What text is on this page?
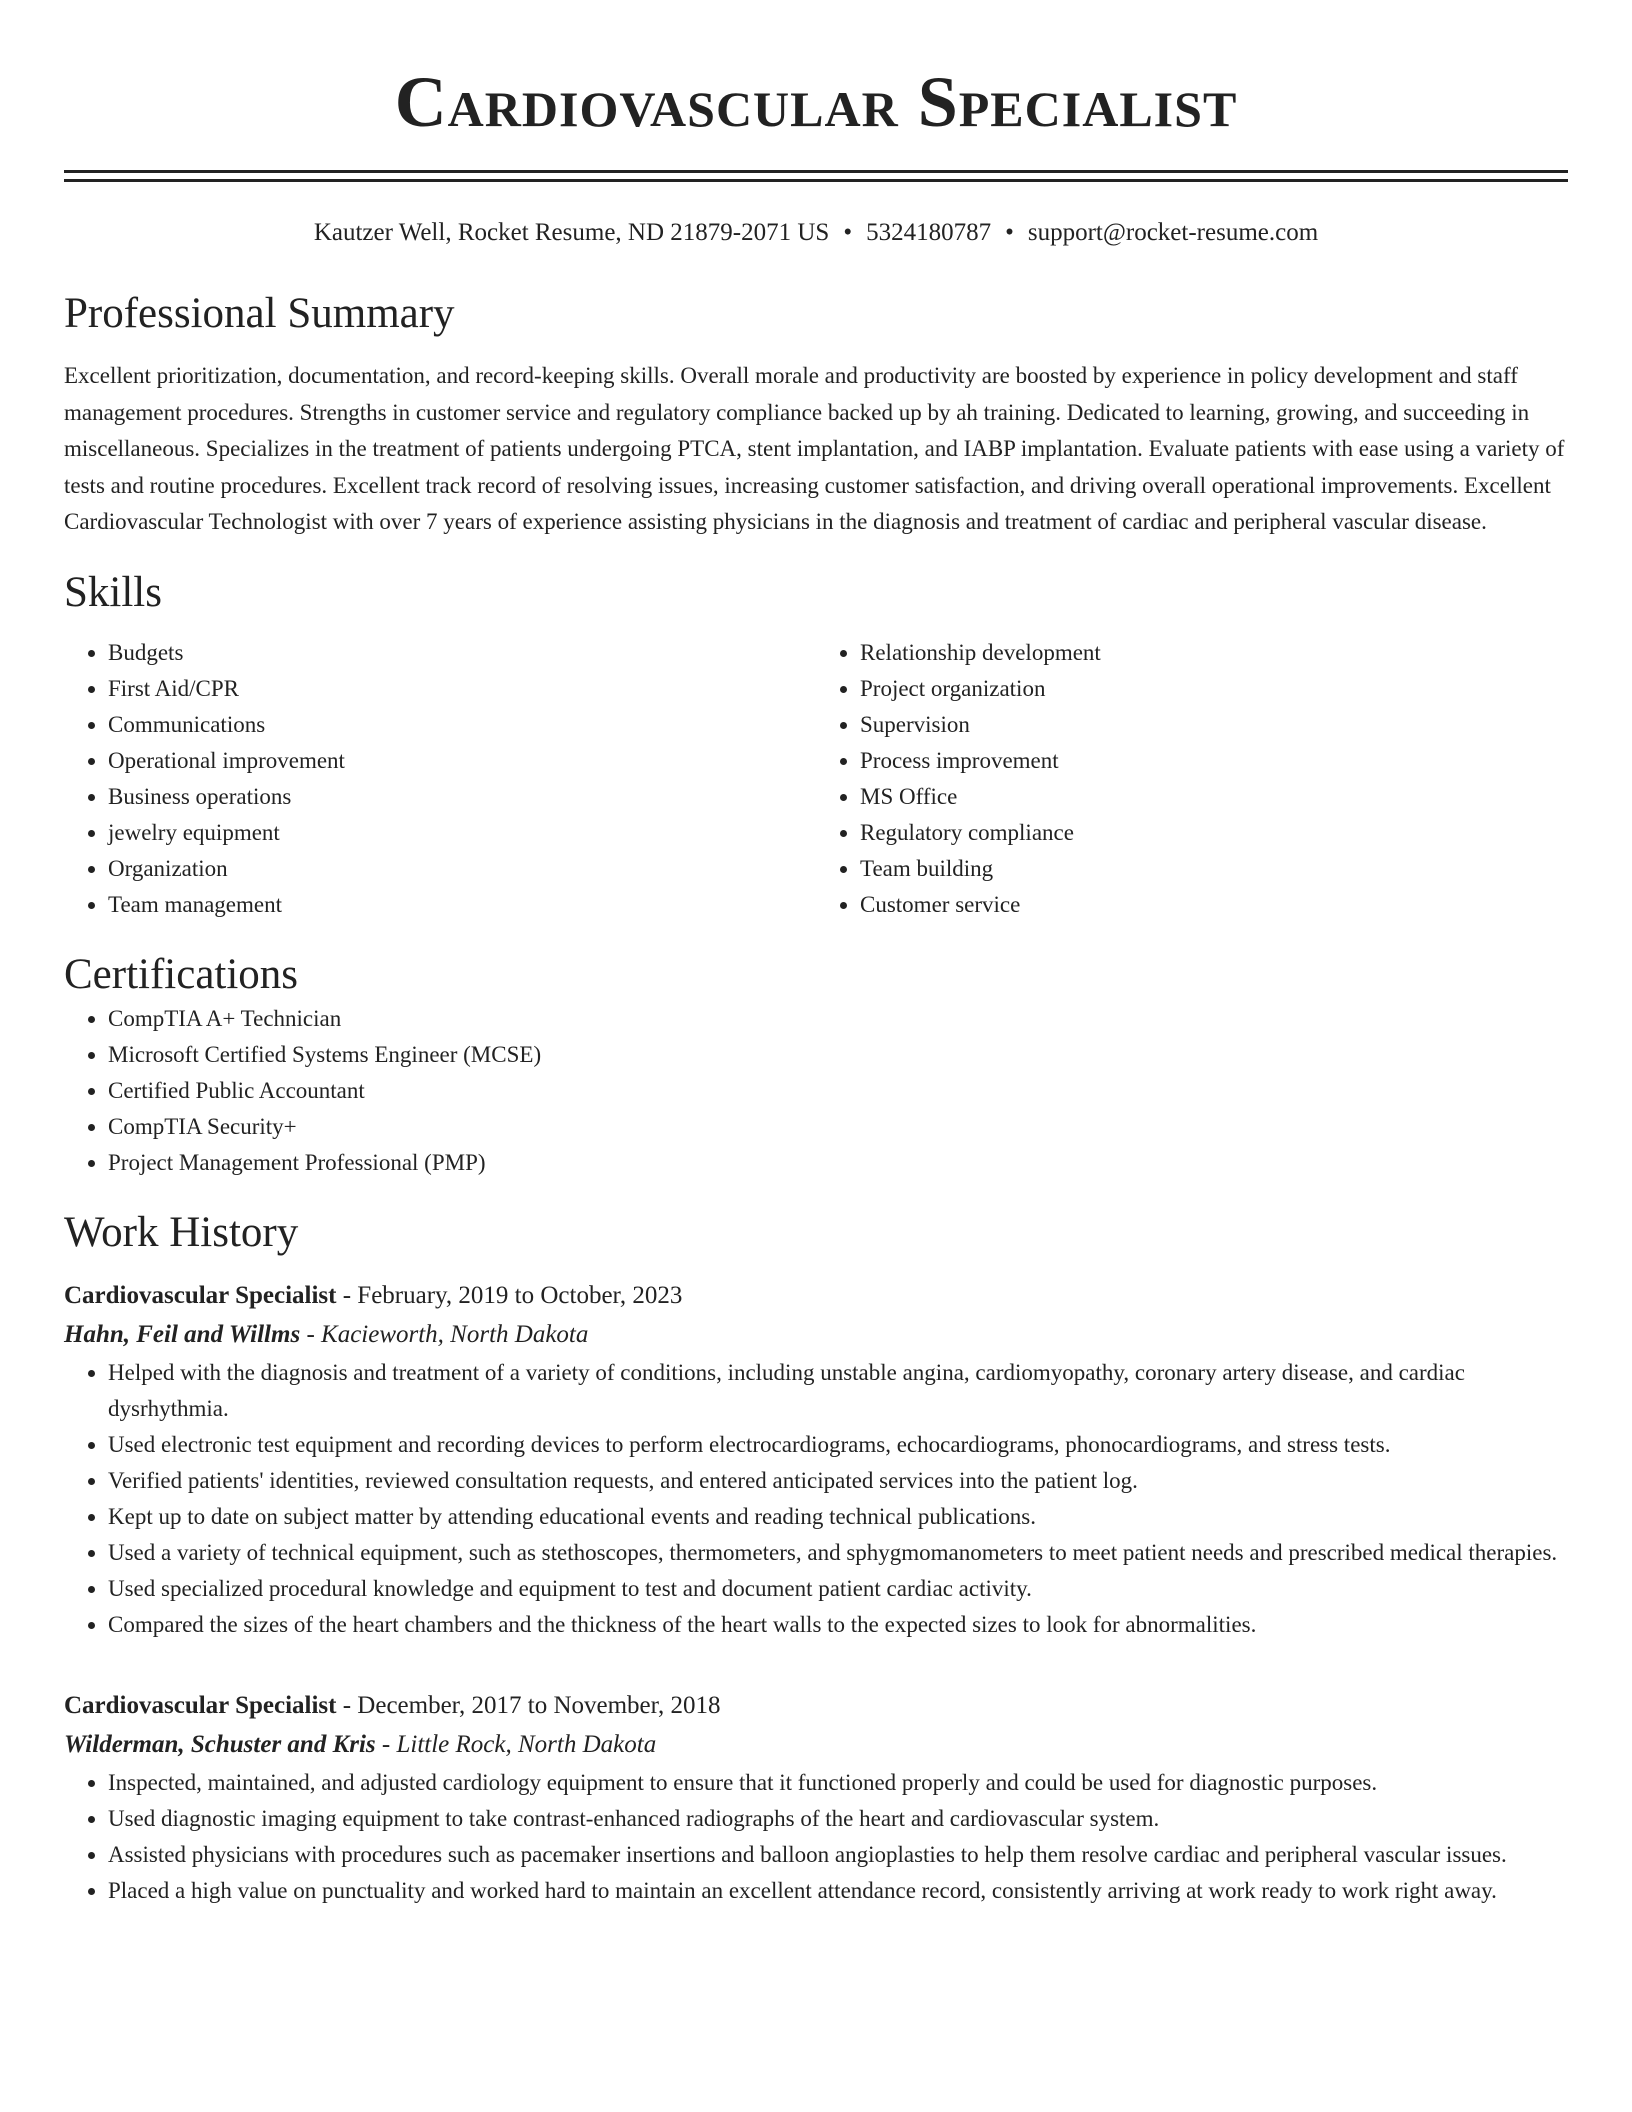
Cardiovascular Specialist
Kautzer Well, Rocket Resume, ND 21879-2071 US • 5324180787 • support@rocket-resume.com
Professional Summary

Excellent prioritization, documentation, and record-keeping skills. Overall morale and productivity are boosted by experience in policy development and staff management procedures. Strengths in customer service and regulatory compliance backed up by ah training. Dedicated to learning, growing, and succeeding in miscellaneous. Specializes in the treatment of patients undergoing PTCA, stent implantation, and IABP implantation. Evaluate patients with ease using a variety of tests and routine procedures. Excellent track record of resolving issues, increasing customer satisfaction, and driving overall operational improvements. Excellent Cardiovascular Technologist with over 7 years of experience assisting physicians in the diagnosis and treatment of cardiac and peripheral vascular disease.

Skills
• Budgets
• First Aid/CPR
• Communications
• Operational improvement
• Business operations
• jewelry equipment
• Organization
• Team management
• Relationship development
• Project organization
• Supervision
• Process improvement
• MS Office
• Regulatory compliance
• Team building
• Customer service
Certifications
• CompTIA A+ Technician
• Microsoft Certified Systems Engineer (MCSE)
• Certified Public Accountant
• CompTIA Security+
• Project Management Professional (PMP)
Work History
Cardiovascular Specialist - February, 2019 to October, 2023
Hahn, Feil and Willms - Kacieworth, North Dakota
• Helped with the diagnosis and treatment of a variety of conditions, including unstable angina, cardiomyopathy, coronary artery disease, and cardiac dysrhythmia.
• Used electronic test equipment and recording devices to perform electrocardiograms, echocardiograms, phonocardiograms, and stress tests.
• Verified patients' identities, reviewed consultation requests, and entered anticipated services into the patient log.
• Kept up to date on subject matter by attending educational events and reading technical publications.
• Used a variety of technical equipment, such as stethoscopes, thermometers, and sphygmomanometers to meet patient needs and prescribed medical therapies.
• Used specialized procedural knowledge and equipment to test and document patient cardiac activity.
• Compared the sizes of the heart chambers and the thickness of the heart walls to the expected sizes to look for abnormalities.
Cardiovascular Specialist - December, 2017 to November, 2018
Wilderman, Schuster and Kris - Little Rock, North Dakota
• Inspected, maintained, and adjusted cardiology equipment to ensure that it functioned properly and could be used for diagnostic purposes.
• Used diagnostic imaging equipment to take contrast-enhanced radiographs of the heart and cardiovascular system.
• Assisted physicians with procedures such as pacemaker insertions and balloon angioplasties to help them resolve cardiac and peripheral vascular issues.
• Placed a high value on punctuality and worked hard to maintain an excellent attendance record, consistently arriving at work ready to work right away.
